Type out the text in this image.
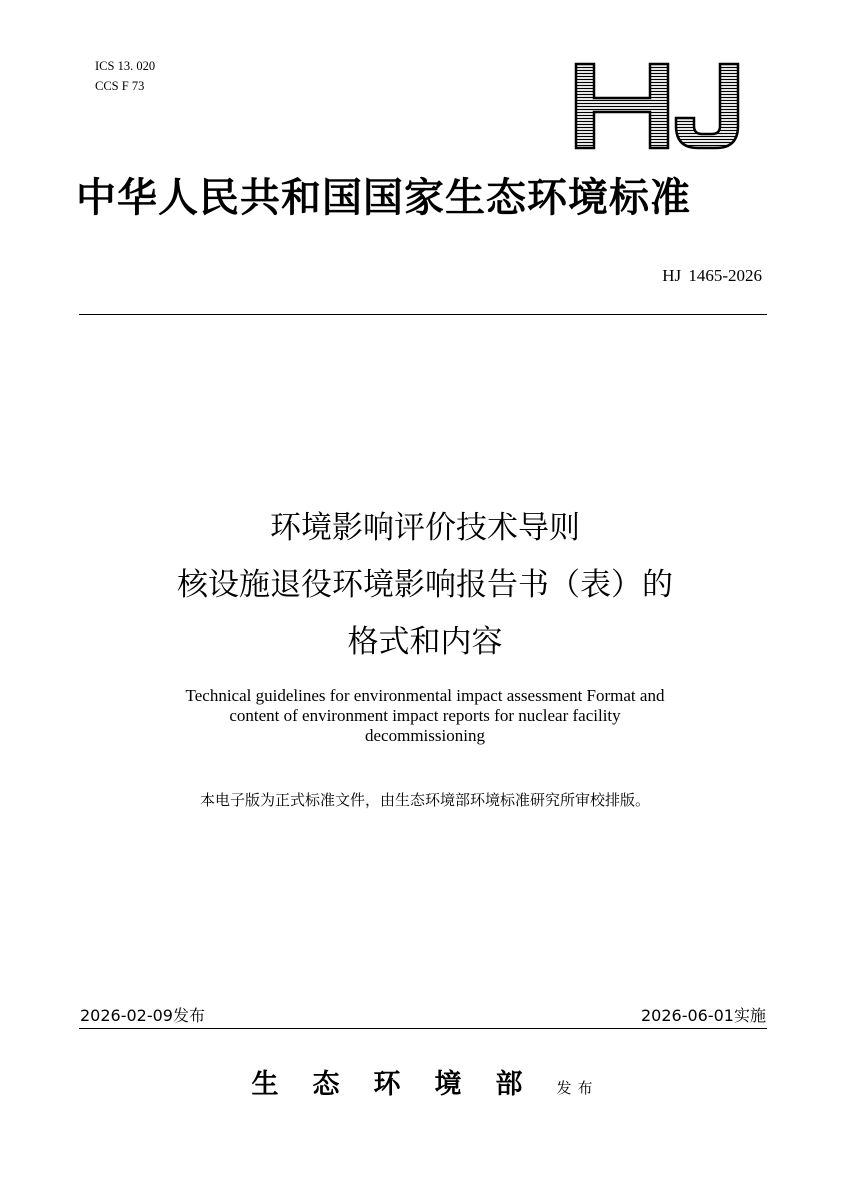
ICS 13. 020
CCS F 73
HJ
中华人民共和国国家生态环境标准
HJ 1465-2026
环境影响评价技术导则
核设施退役环境影响报告书（表）的
格式和内容
Technical guidelines for environmental impact assessment Format and
content of environment impact reports for nuclear facility
decommissioning
本电子版为正式标准文件，由生态环境部环境标准研究所审校排版。
2026-02-09发布	2026-06-01实施
生态环境部发布
